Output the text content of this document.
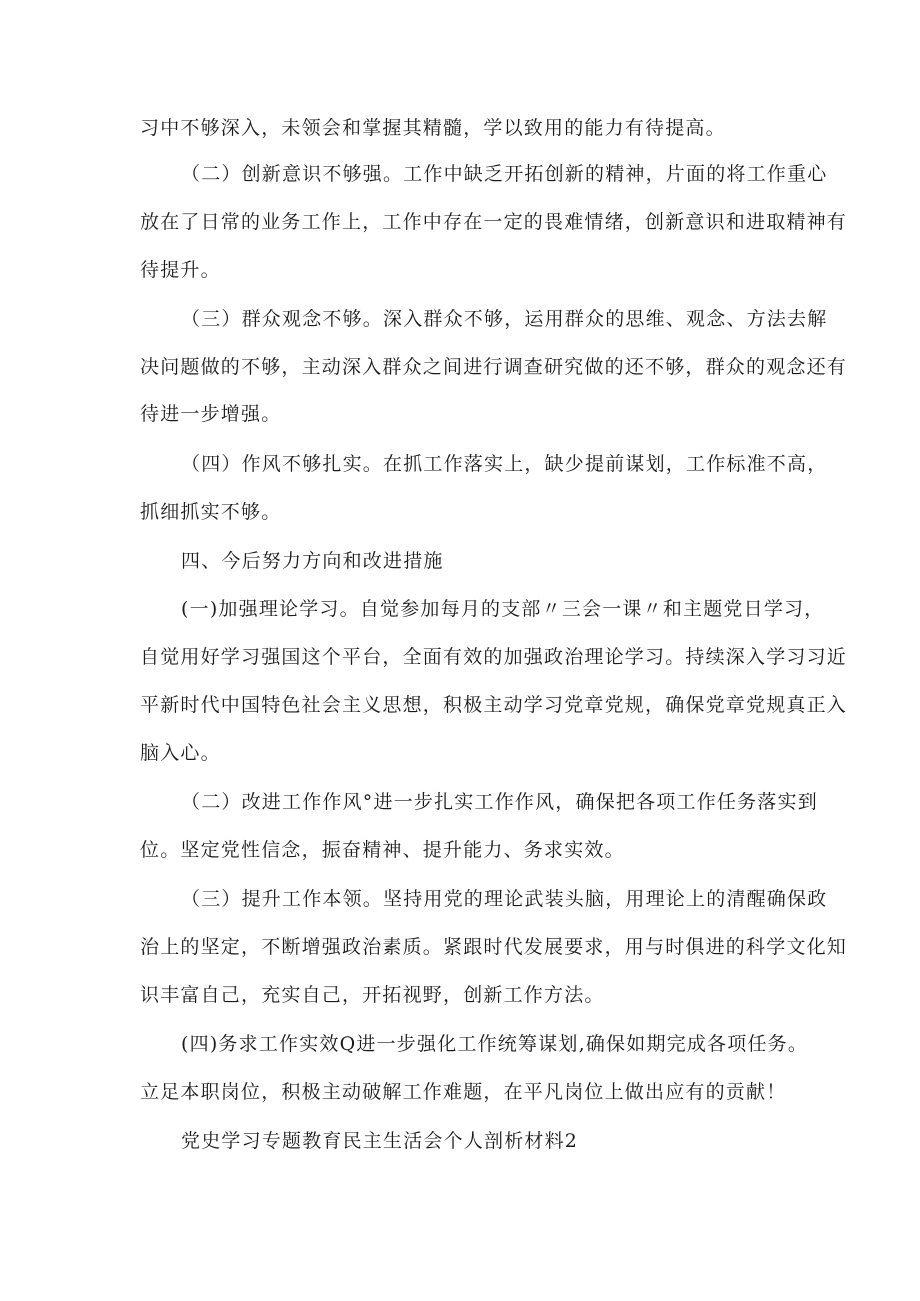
习中不够深入，未领会和掌握其精髓，学以致用的能力有待提高。
（二）创新意识不够强。工作中缺乏开拓创新的精神，片面的将工作重心
放在了日常的业务工作上，工作中存在一定的畏难情绪，创新意识和进取精神有
待提升。
（三）群众观念不够。深入群众不够，运用群众的思维、观念、方法去解
决问题做的不够，主动深入群众之间进行调查研究做的还不够，群众的观念还有
待进一步增强。
（四）作风不够扎实。在抓工作落实上，缺少提前谋划，工作标准不高，
抓细抓实不够。
四、今后努力方向和改进措施
(一)加强理论学习。自觉参加每月的支部〃三会一课〃和主题党日学习，
自觉用好学习强国这个平台，全面有效的加强政治理论学习。持续深入学习习近
平新时代中国特色社会主义思想，积极主动学习党章党规，确保党章党规真正入
脑入心。
（二）改进工作作风°进一步扎实工作作风，确保把各项工作任务落实到
位。坚定党性信念，振奋精神、提升能力、务求实效。
（三）提升工作本领。坚持用党的理论武装头脑，用理论上的清醒确保政
治上的坚定，不断增强政治素质。紧跟时代发展要求，用与时俱进的科学文化知
识丰富自己，充实自己，开拓视野，创新工作方法。
(四)务求工作实效Q进一步强化工作统筹谋划,确保如期完成各项任务。
立足本职岗位，积极主动破解工作难题，在平凡岗位上做出应有的贡献！
党史学习专题教育民主生活会个人剖析材料2
